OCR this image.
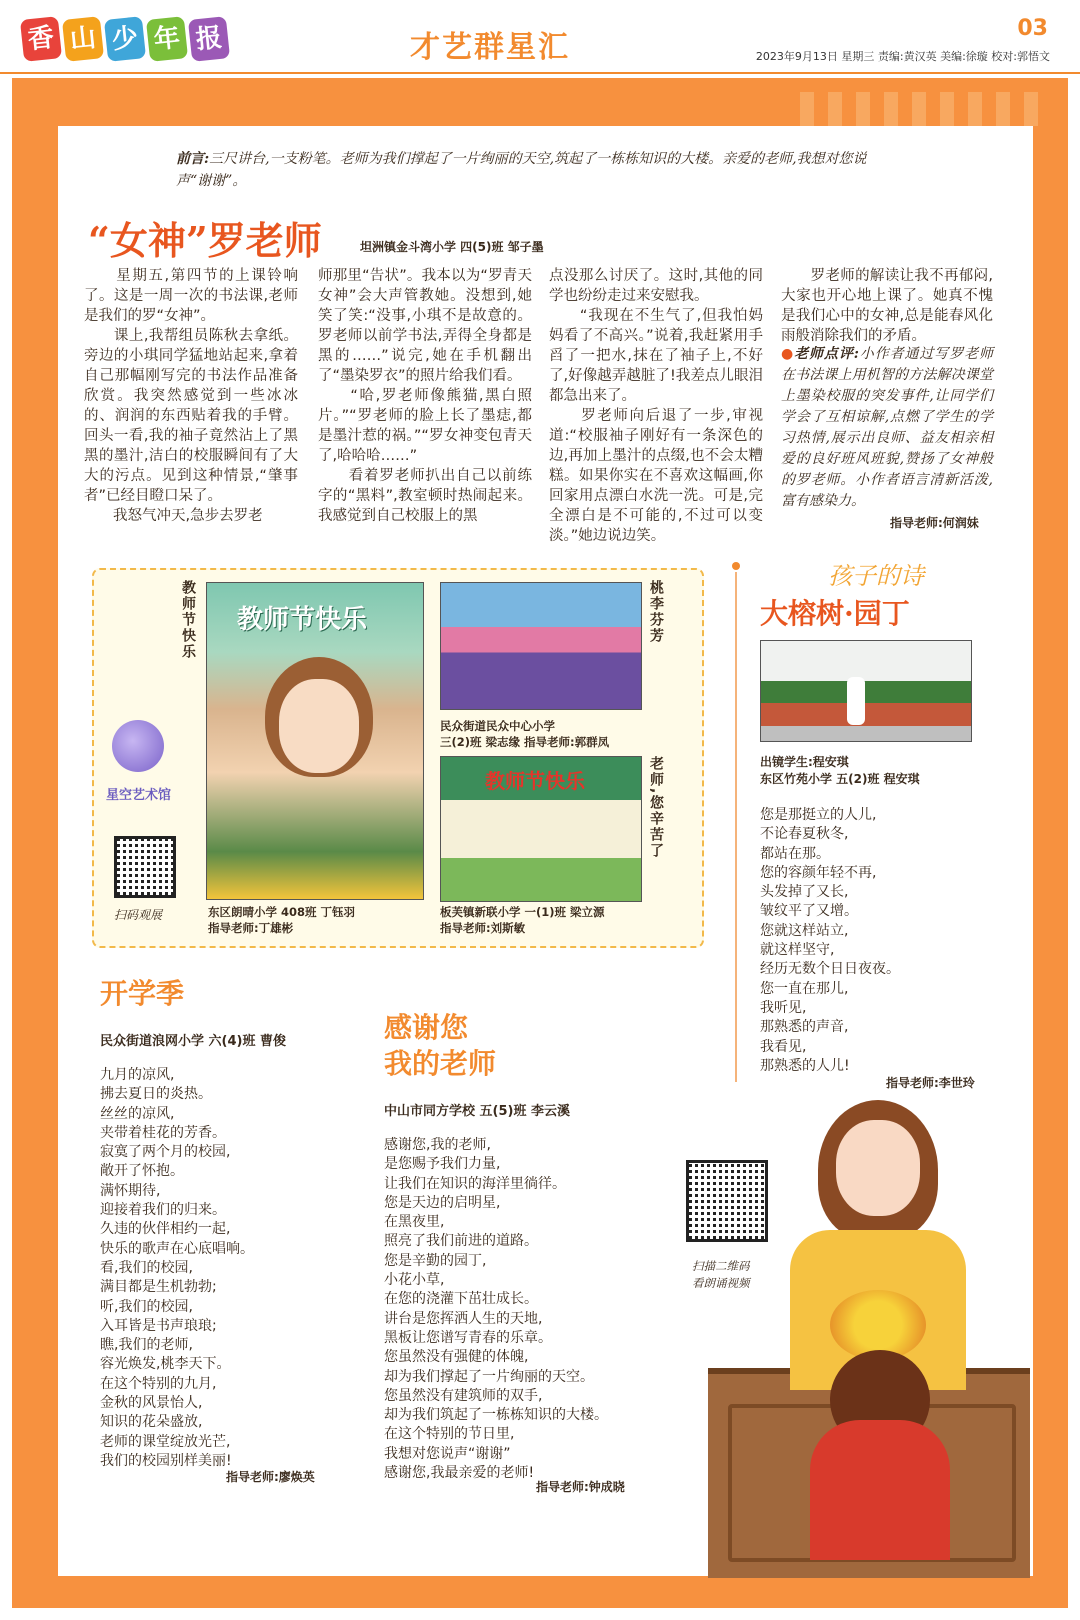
香 山 少 年 报	才艺群星汇
03
2023年9月13日 星期三 责编:黄汉英 美编:徐璇 校对:郭悟文
前言:三尺讲台,一支粉笔。老师为我们撑起了一片绚丽的天空,筑起了一栋栋知识的大楼。亲爱的老师,我想对您说声“谢谢”。
“女神”罗老师	坦洲镇金斗湾小学 四(5)班 邹子墨
　　星期五,第四节的上课铃响了。这是一周一次的书法课,老师是我们的罗“女神”。
　　课上,我帮组员陈秋去拿纸。旁边的小琪同学猛地站起来,拿着自己那幅刚写完的书法作品准备欣赏。我突然感觉到一些冰冰的、润润的东西贴着我的手臂。回头一看,我的袖子竟然沾上了黑黑的墨汁,洁白的校服瞬间有了大大的污点。见到这种情景,“肇事者”已经目瞪口呆了。
　　我怒气冲天,急步去罗老
师那里“告状”。我本以为“罗青天女神”会大声管教她。没想到,她笑了笑:“没事,小琪不是故意的。罗老师以前学书法,弄得全身都是黑的……”说完,她在手机翻出了“墨染罗衣”的照片给我们看。
　　“哈,罗老师像熊猫,黑白照片。”“罗老师的脸上长了墨痣,都是墨汁惹的祸。”“罗女神变包青天了,哈哈哈……”
　　看着罗老师扒出自己以前练字的“黑料”,教室顿时热闹起来。我感觉到自己校服上的黑
点没那么讨厌了。这时,其他的同学也纷纷走过来安慰我。
　　“我现在不生气了,但我怕妈妈看了不高兴。”说着,我赶紧用手舀了一把水,抹在了袖子上,不好了,好像越弄越脏了!我差点儿眼泪都急出来了。
　　罗老师向后退了一步,审视道:“校服袖子刚好有一条深色的边,再加上墨汁的点缀,也不会太糟糕。如果你实在不喜欢这幅画,你回家用点漂白水洗一洗。可是,完全漂白是不可能的,不过可以变淡。”她边说边笑。
　　罗老师的解读让我不再郁闷,大家也开心地上课了。她真不愧是我们心中的女神,总是能春风化雨般消除我们的矛盾。
●老师点评:小作者通过写罗老师在书法课上用机智的方法解决课堂上墨染校服的突发事件,让同学们学会了互相谅解,点燃了学生的学习热情,展示出良师、益友相亲相爱的良好班风班貌,赞扬了女神般的罗老师。小作者语言清新活泼,富有感染力。
指导老师:何润妹
星空艺术馆
扫码观展
教师节快乐 教师节快乐
东区朗晴小学 408班 丁钰羽
指导老师:丁雄彬
桃李芬芳
民众街道民众中心小学
三(2)班 梁志缘 指导老师:郭群凤
教师节快乐	老师,您辛苦了
板芙镇新联小学 一(1)班 梁立源
指导老师:刘斯敏
孩子的诗
大榕树·园丁
出镜学生:程安琪
东区竹苑小学 五(2)班 程安琪
您是那挺立的人儿,
不论春夏秋冬,
都站在那。
您的容颜年轻不再,
头发掉了又长,
皱纹平了又增。
您就这样站立,
就这样坚守,
经历无数个日日夜夜。
您一直在那儿,
我听见,
那熟悉的声音,
我看见,
那熟悉的人儿!
指导老师:李世玲
开学季
民众街道浪网小学 六(4)班 曹俊
九月的凉风,
拂去夏日的炎热。
丝丝的凉风,
夹带着桂花的芳香。
寂寞了两个月的校园,
敞开了怀抱。
满怀期待,
迎接着我们的归来。
久违的伙伴相约一起,
快乐的歌声在心底唱响。
看,我们的校园,
满目都是生机勃勃;
听,我们的校园,
入耳皆是书声琅琅;
瞧,我们的老师,
容光焕发,桃李天下。
在这个特别的九月,
金秋的风景怡人,
知识的花朵盛放,
老师的课堂绽放光芒,
我们的校园别样美丽!
指导老师:廖焕英
感谢您
我的老师
中山市同方学校 五(5)班 李云溪
感谢您,我的老师,
是您赐予我们力量,
让我们在知识的海洋里徜徉。
您是天边的启明星,
在黑夜里,
照亮了我们前进的道路。
您是辛勤的园丁,
小花小草,
在您的浇灌下茁壮成长。
讲台是您挥洒人生的天地,
黑板让您谱写青春的乐章。
您虽然没有强健的体魄,
却为我们撑起了一片绚丽的天空。
您虽然没有建筑师的双手,
却为我们筑起了一栋栋知识的大楼。
在这个特别的节日里,
我想对您说声“谢谢”
感谢您,我最亲爱的老师!
指导老师:钟成晓
扫描二维码
看朗诵视频
